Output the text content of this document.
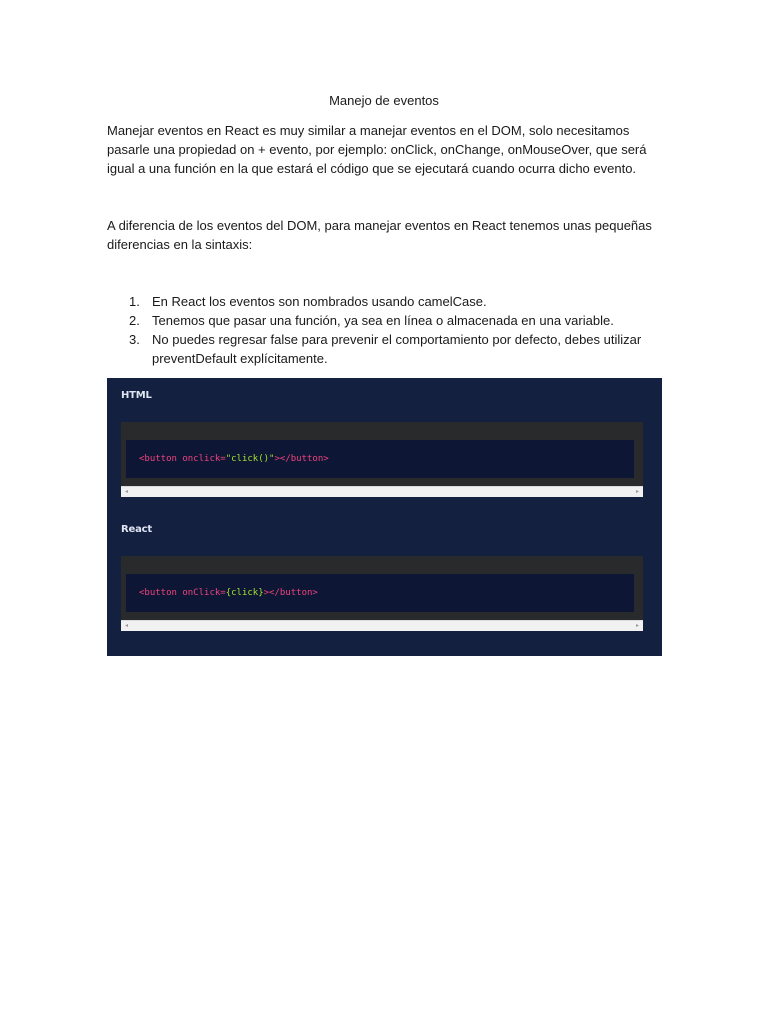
Manejo de eventos

Manejar eventos en React es muy similar a manejar eventos en el DOM, solo necesitamos pasarle una propiedad on + evento, por ejemplo: onClick, onChange, onMouseOver, que será igual a una función en la que estará el código que se ejecutará cuando ocurra dicho evento.

A diferencia de los eventos del DOM, para manejar eventos en React tenemos unas pequeñas diferencias en la sintaxis:

1. En React los eventos son nombrados usando camelCase.
2. Tenemos que pasar una función, ya sea en línea o almacenada en una variable.
3. No puedes regresar false para prevenir el comportamiento por defecto, debes utilizar preventDefault explícitamente.
HTML
<button onclick="click()"></button>
◂	▸
React
<button onClick={click}></button>
◂	▸
